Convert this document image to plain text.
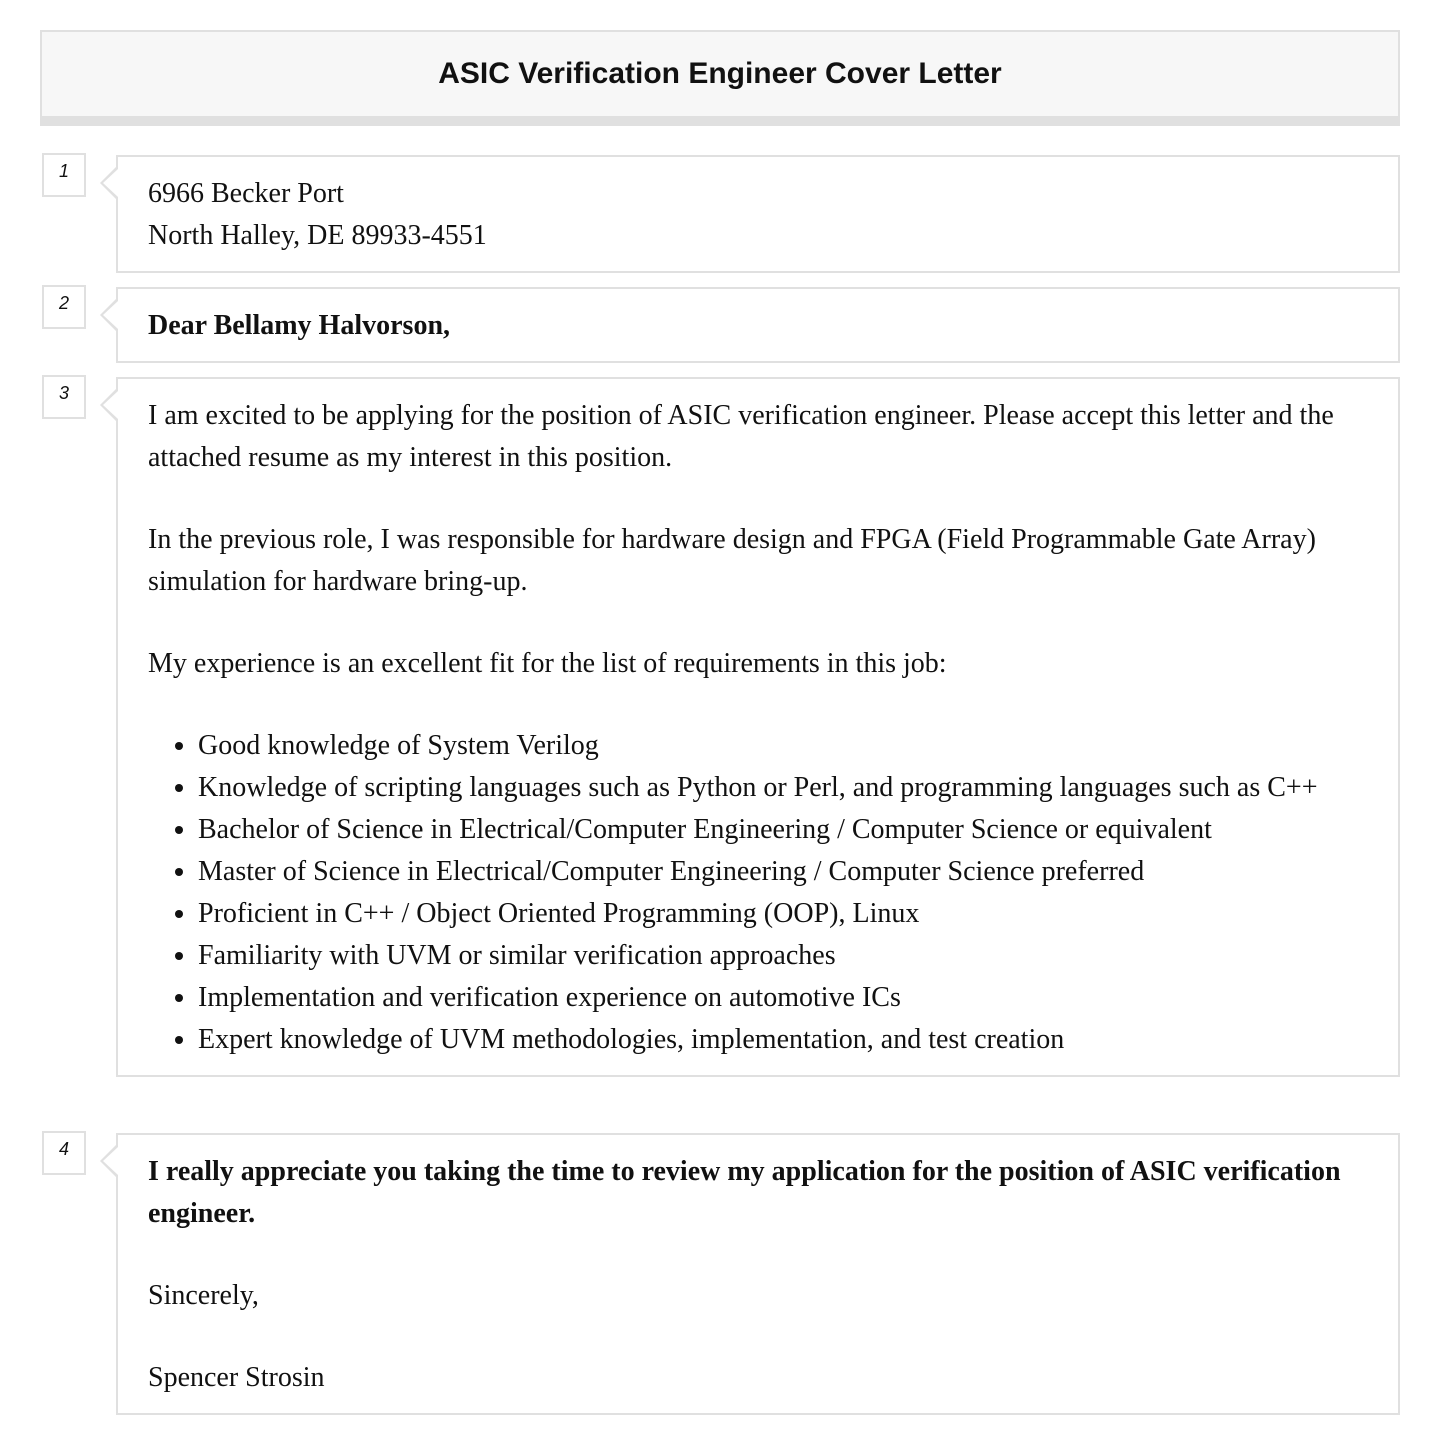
ASIC Verification Engineer Cover Letter
1

6966 Becker Port

North Halley, DE 89933-4551

2

Dear Bellamy Halvorson,

3

I am excited to be applying for the position of ASIC verification engineer. Please accept this letter and the attached resume as my interest in this position.

In the previous role, I was responsible for hardware design and FPGA (Field Programmable Gate Array) simulation for hardware bring-up.

My experience is an excellent fit for the list of requirements in this job:

• Good knowledge of System Verilog
• Knowledge of scripting languages such as Python or Perl, and programming languages such as C++
• Bachelor of Science in Electrical/Computer Engineering / Computer Science or equivalent
• Master of Science in Electrical/Computer Engineering / Computer Science preferred
• Proficient in C++ / Object Oriented Programming (OOP), Linux
• Familiarity with UVM or similar verification approaches
• Implementation and verification experience on automotive ICs
• Expert knowledge of UVM methodologies, implementation, and test creation
4

I really appreciate you taking the time to review my application for the position of ASIC verification engineer.

Sincerely,

Spencer Strosin
